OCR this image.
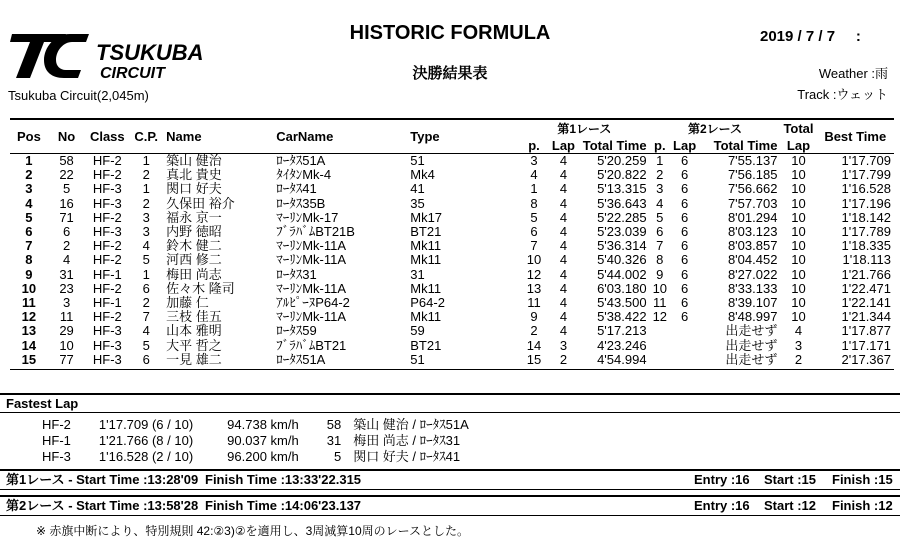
TSUKUBA
CIRCUIT
HISTORIC FORMULA
決勝結果表
2019 / 7 / 7     :
Tsukuba Circuit(2,045m)
Weather :雨
Track :ウェット
Pos	No	Class	C.P.	Name	CarName	Type	第1レース			第2レース			Total	Best Time
							p.	Lap	Total Time	p.	Lap	Total Time	Lap	
1	58	HF-2	1	築山 健治	ﾛｰﾀｽ51A	51	3	4	5'20.259	1	6	7'55.137	10	1'17.709
2	22	HF-2	2	真北 貴史	ﾀｲﾀﾝMk-4	Mk4	4	4	5'20.822	2	6	7'56.185	10	1'17.799
3	5	HF-3	1	関口 好夫	ﾛｰﾀｽ41	41	1	4	5'13.315	3	6	7'56.662	10	1'16.528
4	16	HF-3	2	久保田 裕介	ﾛｰﾀｽ35B	35	8	4	5'36.643	4	6	7'57.703	10	1'17.196
5	71	HF-2	3	福永 京一	ﾏｰﾘﾝMk-17	Mk17	5	4	5'22.285	5	6	8'01.294	10	1'18.142
6	6	HF-3	3	内野 徳昭	ﾌﾞﾗﾊﾞﾑBT21B	BT21	6	4	5'23.039	6	6	8'03.123	10	1'17.789
7	2	HF-2	4	鈴木 健二	ﾏｰﾘﾝMk-11A	Mk11	7	4	5'36.314	7	6	8'03.857	10	1'18.335
8	4	HF-2	5	河西 修二	ﾏｰﾘﾝMk-11A	Mk11	10	4	5'40.326	8	6	8'04.452	10	1'18.113
9	31	HF-1	1	梅田 尚志	ﾛｰﾀｽ31	31	12	4	5'44.002	9	6	8'27.022	10	1'21.766
10	23	HF-2	6	佐々木 隆司	ﾏｰﾘﾝMk-11A	Mk11	13	4	6'03.180	10	6	8'33.133	10	1'22.471
11	3	HF-1	2	加藤 仁	ｱﾙﾋﾟｰﾇP64-2	P64-2	11	4	5'43.500	11	6	8'39.107	10	1'22.141
12	11	HF-2	7	三枝 佳五	ﾏｰﾘﾝMk-11A	Mk11	9	4	5'38.422	12	6	8'48.997	10	1'21.344
13	29	HF-3	4	山本 雅明	ﾛｰﾀｽ59	59	2	4	5'17.213			出走せず	4	1'17.877
14	10	HF-3	5	大平 哲之	ﾌﾞﾗﾊﾞﾑBT21	BT21	14	3	4'23.246			出走せず	3	1'17.171
15	77	HF-3	6	一見 雄二	ﾛｰﾀｽ51A	51	15	2	4'54.994			出走せず	2	2'17.367
Fastest Lap
HF-2	1'17.709 (6 / 10)	94.738 km/h	58	築山 健治 / ﾛｰﾀｽ51A
HF-1	1'21.766 (8 / 10)	90.037 km/h	31	梅田 尚志 / ﾛｰﾀｽ31
HF-3	1'16.528 (2 / 10)	96.200 km/h	5	関口 好夫 / ﾛｰﾀｽ41
第1レース - Start Time :13:28'09 Finish Time :13:33'22.315	Entry :16 Start :15 Finish :15
第2レース - Start Time :13:58'28 Finish Time :14:06'23.137	Entry :16 Start :12 Finish :12
※ 赤旗中断により、特別規則 42:②3)②を適用し、3周減算10周のレースとした。
